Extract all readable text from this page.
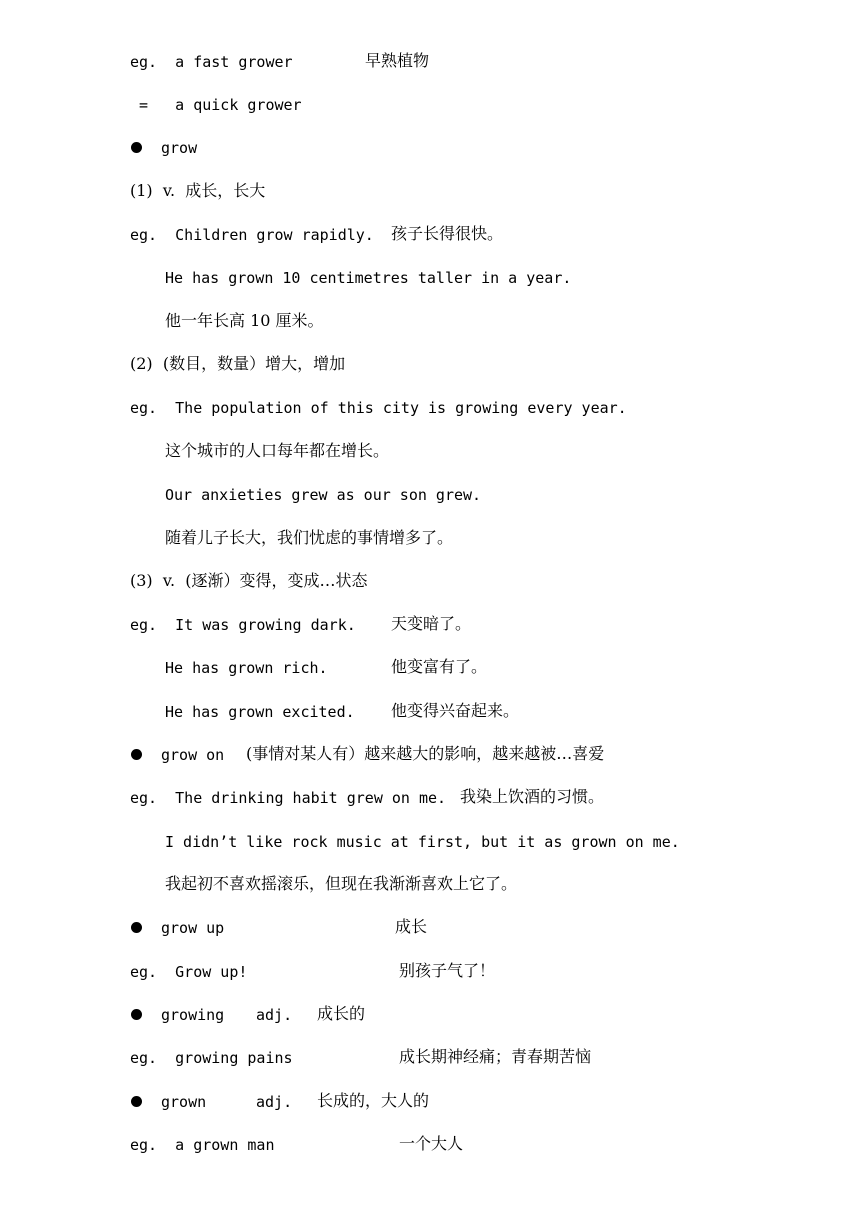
eg.  a fast grower	早熟植物
=   a quick grower
grow
(1)  v.  成长，长大
eg.  Children grow rapidly. 孩子长得很快。
He has grown 10 centimetres taller in a year.
他一年长高 10 厘米。
(2)  (数目，数量）增大，增加
eg.  The population of this city is growing every year.
这个城市的人口每年都在增长。
Our anxieties grew as our son grew.
随着儿子长大，我们忧虑的事情增多了。
(3)  v.  (逐渐）变得，变成…状态
eg.  It was growing dark. 天变暗了。
He has grown rich.	他变富有了。
He has grown excited. 他变得兴奋起来。
grow on (事情对某人有）越来越大的影响，越来越被…喜爱
eg.  The drinking habit grew on me. 我染上饮酒的习惯。
I didn’t like rock music at first, but it as grown on me.
我起初不喜欢摇滚乐，但现在我渐渐喜欢上它了。
grow up	成长
eg.  Grow up!	别孩子气了！
growing adj. 成长的
eg.  growing pains	成长期神经痛；青春期苦恼
grown	adj. 长成的，大人的
eg.  a grown man	一个大人
